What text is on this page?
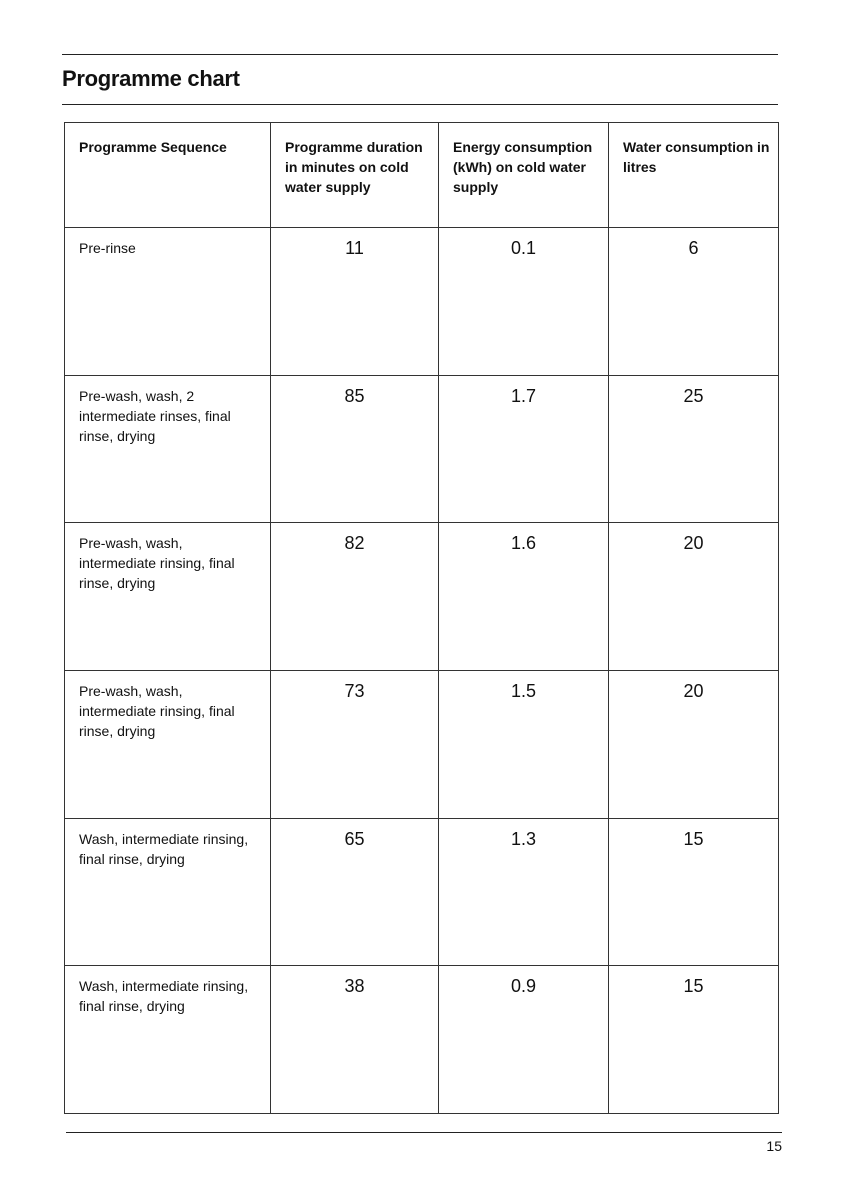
Programme chart
Programme Sequence	Programme duration in minutes on cold water supply	Energy consumption (kWh) on cold water supply	Water consumption in litres
Pre-rinse	11	0.1	6
Pre-wash, wash, 2 intermediate rinses, final rinse, drying	85	1.7	25
Pre-wash, wash, intermediate rinsing, final rinse, drying	82	1.6	20
Pre-wash, wash, intermediate rinsing, final rinse, drying	73	1.5	20
Wash, intermediate rinsing, final rinse, drying	65	1.3	15
Wash, intermediate rinsing, final rinse, drying	38	0.9	15
15
